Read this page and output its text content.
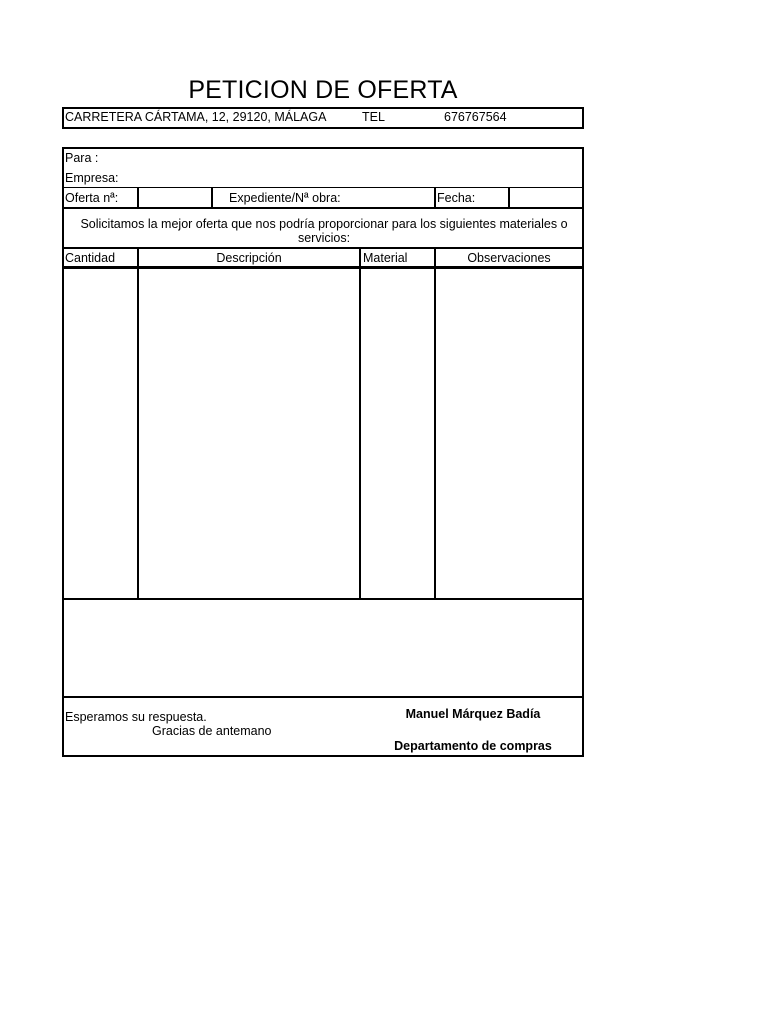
PETICION DE OFERTA
CARRETERA CÁRTAMA, 12, 29120, MÁLAGA	TEL	676767564
Para :
Empresa:
Oferta nª:	Expediente/Nª obra:	Fecha:
Solicitamos la mejor oferta que nos podría proporcionar para los siguientes materiales o servicios:
Cantidad	Descripción	Material	Observaciones
Esperamos su respuesta.
Gracias de antemano
Manuel Márquez Badía
Departamento de compras
